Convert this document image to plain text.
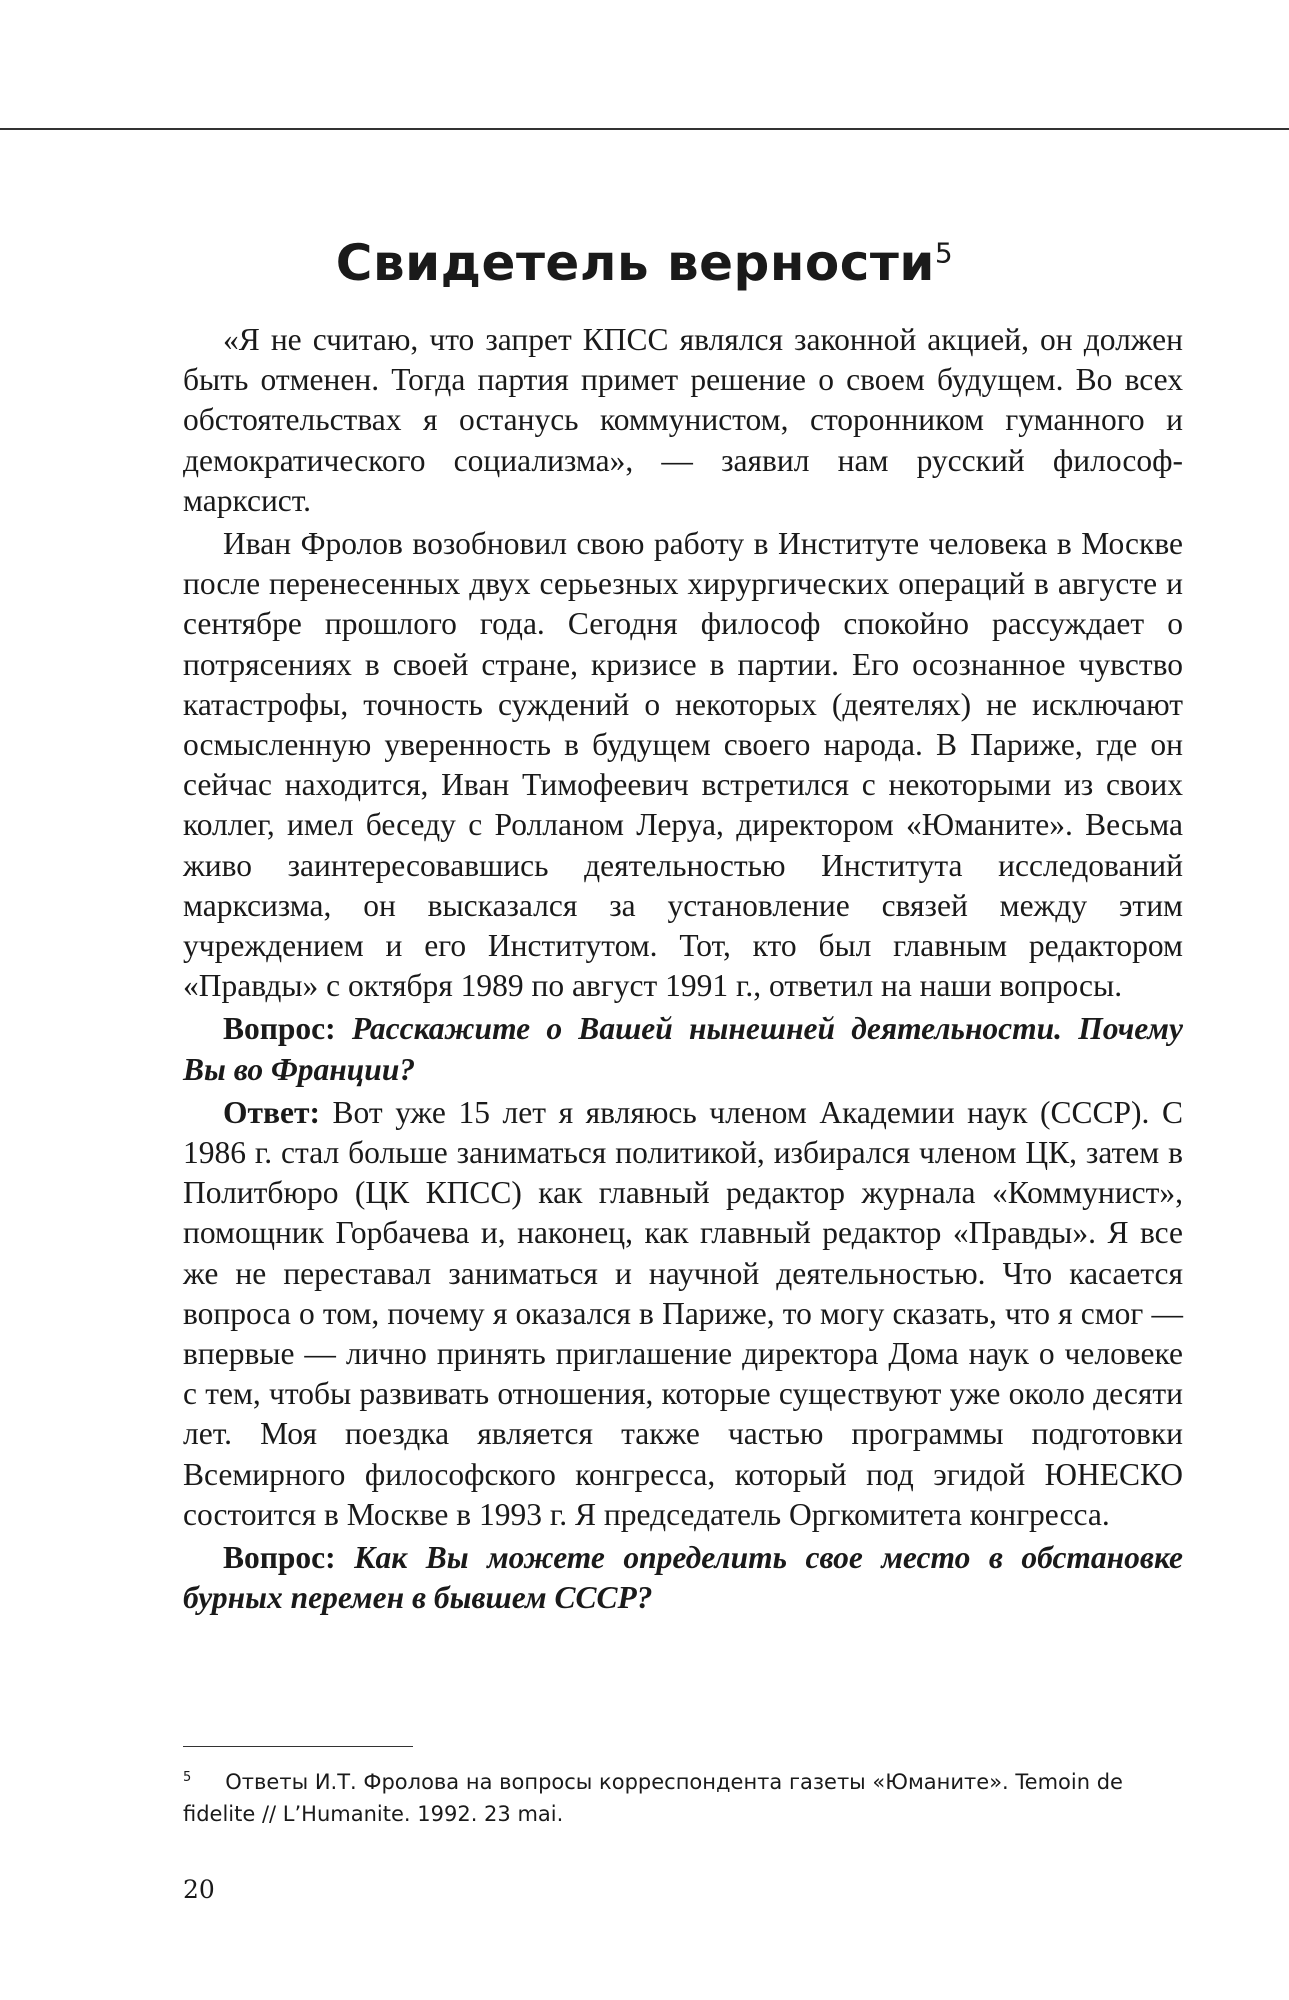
Свидетель верности$^5$

«Я не считаю, что запрет КПСС являлся законной акцией, он должен быть отменен. Тогда партия примет решение о своем будущем. Во всех обстоятельствах я останусь коммунистом, сторонником гуманного и демократического социализма», — заявил нам русский философ-марксист.

Иван Фролов возобновил свою работу в Институте человека в Москве после перенесенных двух серьезных хирургических операций в августе и сентябре прошлого года. Сегодня философ спокойно рассуждает о потрясениях в своей стране, кризисе в партии. Его осознанное чувство катастрофы, точность суждений о некоторых (деятелях) не исключают осмысленную уверенность в будущем своего народа. В Париже, где он сейчас находится, Иван Тимофеевич встретился с некоторыми из своих коллег, имел беседу с Ролланом Леруа, директором «Юманите». Весьма живо заинтересовавшись деятельностью Института исследований марксизма, он высказался за установление связей между этим учреждением и его Институтом. Тот, кто был главным редактором «Правды» с октября 1989 по август 1991 г., ответил на наши вопросы.

Вопрос: Расскажите о Вашей нынешней деятельности. Почему Вы во Франции?

Ответ: Вот уже 15 лет я являюсь членом Академии наук (СССР). С 1986 г. стал больше заниматься политикой, избирался членом ЦК, затем в Политбюро (ЦК КПСС) как главный редактор журнала «Коммунист», помощник Горбачева и, наконец, как главный редактор «Правды». Я все же не переставал заниматься и научной деятельностью. Что касается вопроса о том, почему я оказался в Париже, то могу сказать, что я смог — впервые — лично принять приглашение директора Дома наук о человеке с тем, чтобы развивать отношения, которые существуют уже около десяти лет. Моя поездка является также частью программы подготовки Всемирного философского конгресса, который под эгидой ЮНЕСКО состоится в Москве в 1993 г. Я председатель Оргкомитета конгресса.

Вопрос: Как Вы можете определить свое место в обстановке бурных перемен в бывшем СССР?

$^5$ Ответы И.Т. Фролова на вопросы корреспондента газеты «Юманите». Temoin de fidelite // L’Humanite. 1992. 23 mai.
20
